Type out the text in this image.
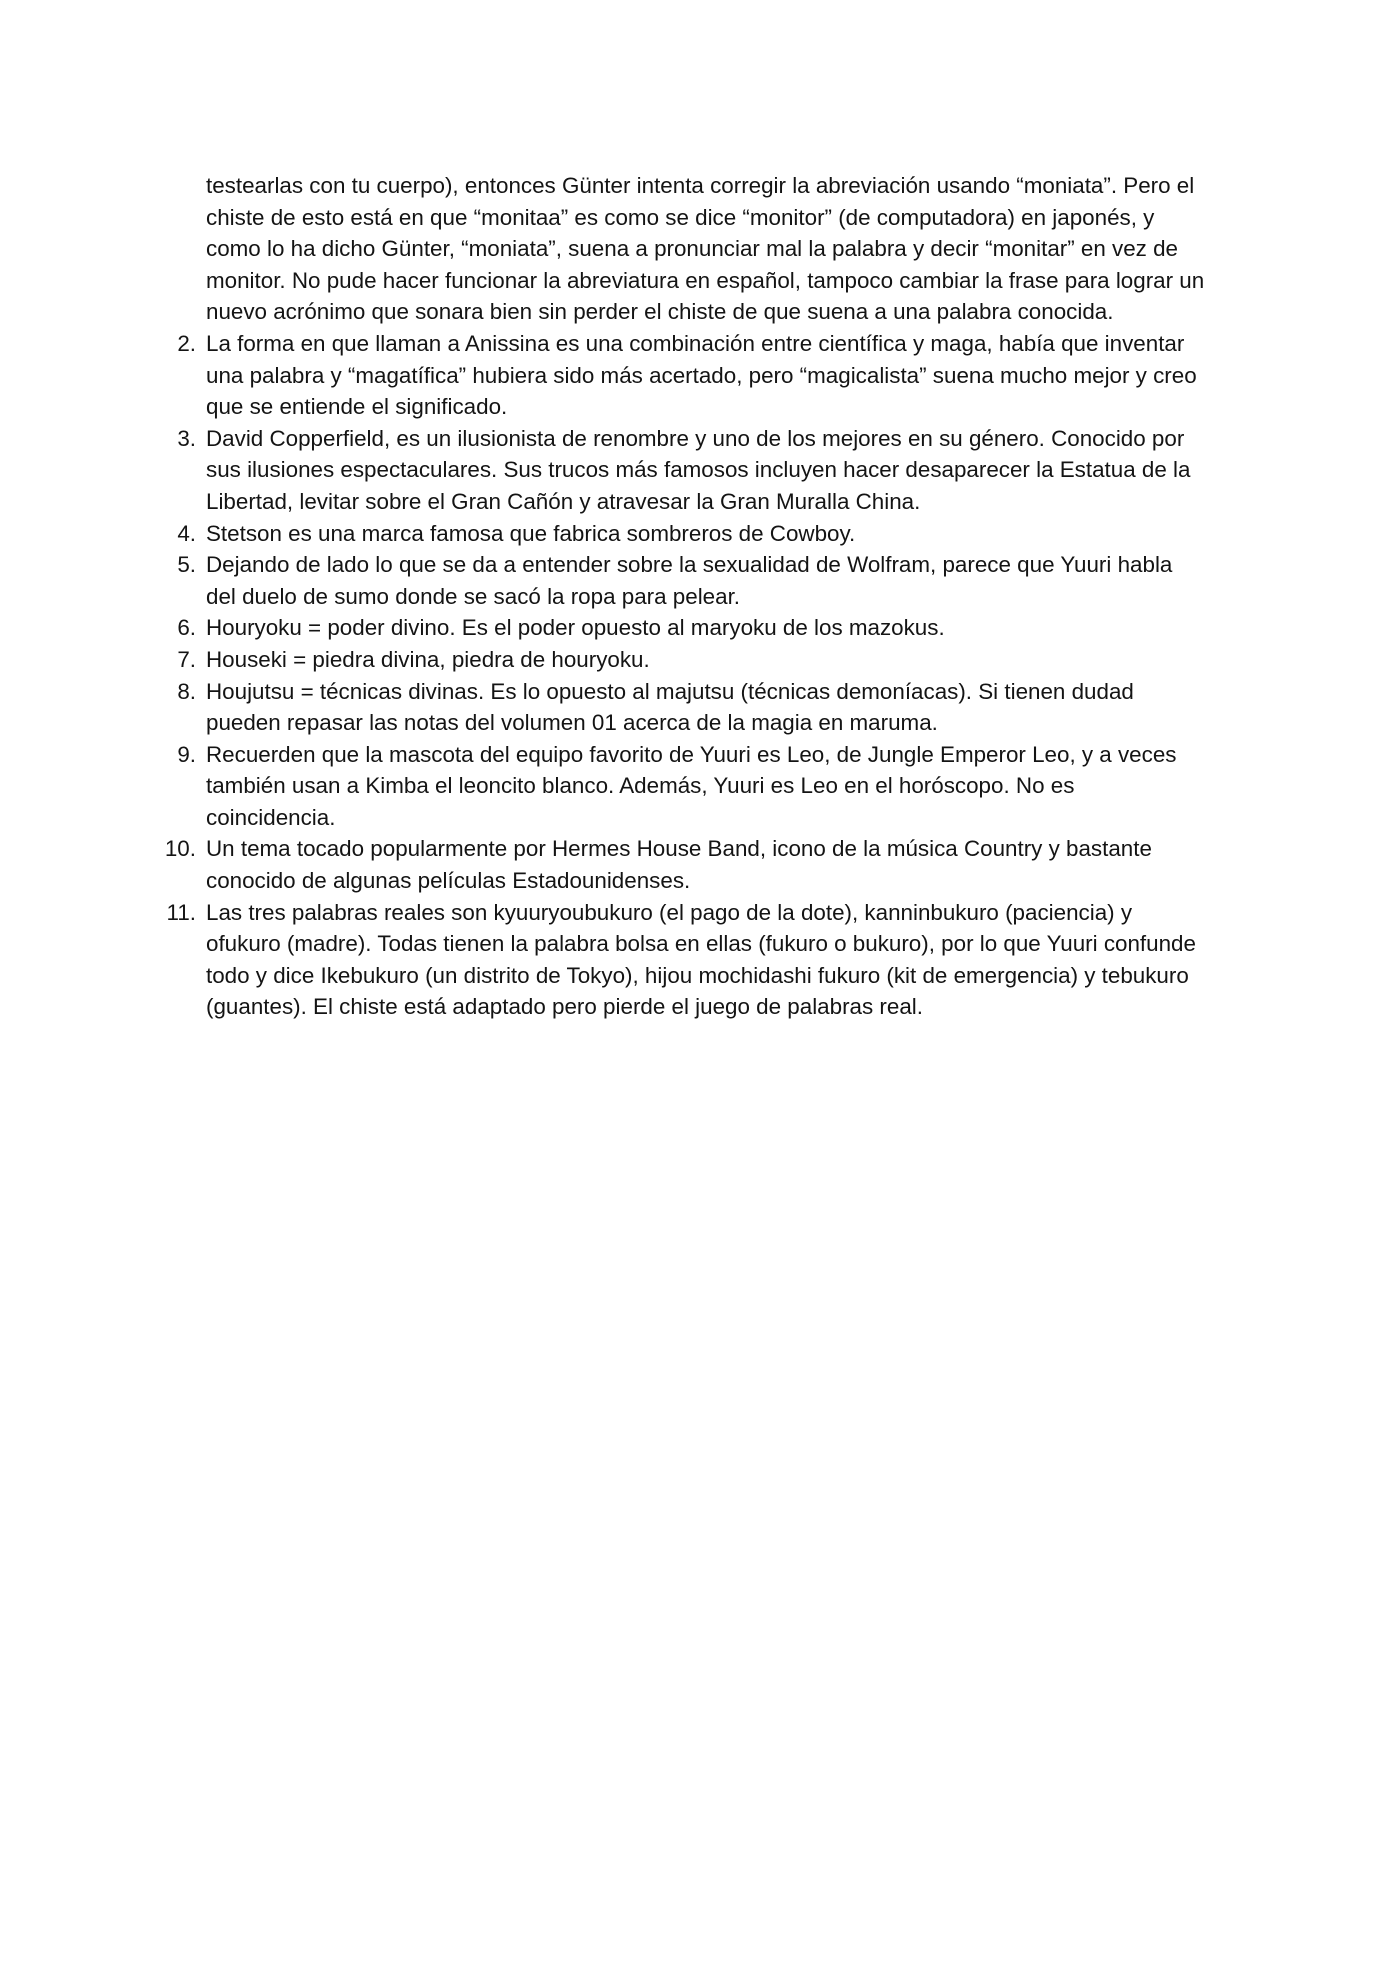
testearlas con tu cuerpo), entonces Günter intenta corregir la abreviación usando “moniata”. Pero el chiste de esto está en que “monitaa” es como se dice “monitor” (de computadora) en japonés, y como lo ha dicho Günter, “moniata”, suena a pronunciar mal la palabra y decir “monitar” en vez de monitor. No pude hacer funcionar la abreviatura en español, tampoco cambiar la frase para lograr un nuevo acrónimo que sonara bien sin perder el chiste de que suena a una palabra conocida.

2. La forma en que llaman a Anissina es una combinación entre científica y maga, había que inventar una palabra y “magatífica” hubiera sido más acertado, pero “magicalista” suena mucho mejor y creo que se entiende el significado.
3. David Copperfield, es un ilusionista de renombre y uno de los mejores en su género. Conocido por sus ilusiones espectaculares. Sus trucos más famosos incluyen hacer desaparecer la Estatua de la Libertad, levitar sobre el Gran Cañón y atravesar la Gran Muralla China.
4. Stetson es una marca famosa que fabrica sombreros de Cowboy.
5. Dejando de lado lo que se da a entender sobre la sexualidad de Wolfram, parece que Yuuri habla del duelo de sumo donde se sacó la ropa para pelear.
6. Houryoku = poder divino. Es el poder opuesto al maryoku de los mazokus.
7. Houseki = piedra divina, piedra de houryoku.
8. Houjutsu = técnicas divinas. Es lo opuesto al majutsu (técnicas demoníacas). Si tienen dudad pueden repasar las notas del volumen 01 acerca de la magia en maruma.
9. Recuerden que la mascota del equipo favorito de Yuuri es Leo, de Jungle Emperor Leo, y a veces también usan a Kimba el leoncito blanco. Además, Yuuri es Leo en el horóscopo. No es coincidencia.
10. Un tema tocado popularmente por Hermes House Band, icono de la música Country y bastante conocido de algunas películas Estadounidenses.
11. Las tres palabras reales son kyuuryoubukuro (el pago de la dote), kanninbukuro (paciencia) y ofukuro (madre). Todas tienen la palabra bolsa en ellas (fukuro o bukuro), por lo que Yuuri confunde todo y dice Ikebukuro (un distrito de Tokyo), hijou mochidashi fukuro (kit de emergencia) y tebukuro (guantes). El chiste está adaptado pero pierde el juego de palabras real.
